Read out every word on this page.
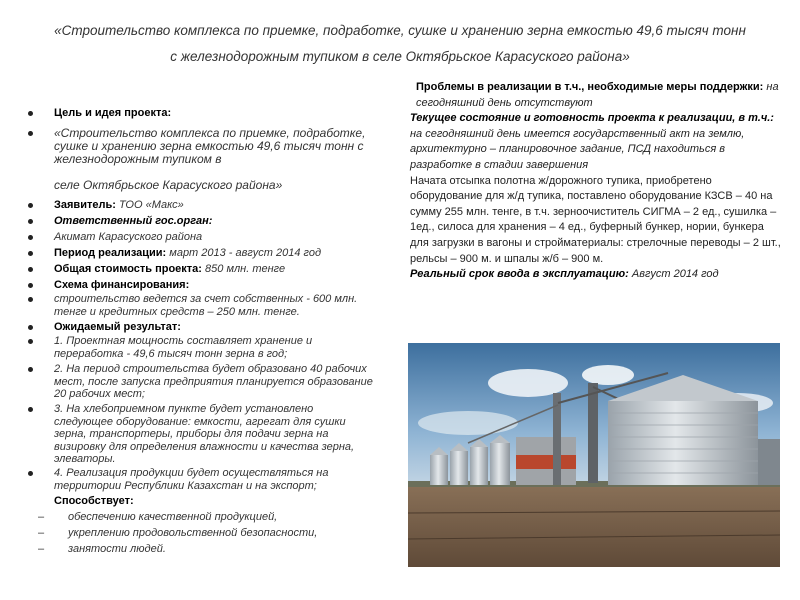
«Строительство комплекса по приемке, подработке, сушке и хранению зерна емкостью 49,6 тысяч тонн
с железнодорожным тупиком в селе Октябрьское Карасуского района»
Цель и идея проекта:
«Строительство комплекса по приемке, подработке, сушке и хранению зерна емкостью 49,6 тысяч тонн с железнодорожным тупиком в
селе Октябрьское Карасуского района»
Заявитель: ТОО «Макс»
Ответственный гос.орган:
Акимат Карасуского района
Период реализации: март 2013 - август 2014 год
Общая стоимость проекта: 850 млн. тенге
Схема финансирования:
строительство ведется за счет собственных - 600 млн. тенге и кредитных средств – 250 млн. тенге.
Ожидаемый результат:
1. Проектная мощность составляет хранение и переработка - 49,6 тысяч тонн зерна в год;
2. На период строительства будет образовано 40 рабочих мест, после запуска предприятия планируется образование 20 рабочих мест;
3. На хлебоприемном пункте будет установлено следующее оборудование: емкости, агрегат для сушки зерна, транспортеры, приборы для подачи зерна на визировку для определения влажности и качества зерна, элеваторы.
4. Реализация продукции будет осуществляться на территории Республики Казахстан и на экспорт;
Способствует:
– обеспечению качественной продукцией,
– укреплению продовольственной безопасности,
– занятости людей.
Проблемы в реализации в т.ч., необходимые меры поддержки: на сегодняшний день отсутствуют
Текущее состояние и готовность проекта к реализации, в т.ч.: на сегодняшний день имеется государственный акт на землю, архитектурно – планировочное задание, ПСД находиться в разработке в стадии завершения
Начата отсыпка полотна ж/дорожного тупика, приобретено оборудование для ж/д тупика, поставлено оборудование КЗСВ – 40 на сумму 255 млн. тенге, в т.ч. зерноочиститель СИГМА – 2 ед., сушилка – 1ед., силоса для хранения – 4 ед., буферный бункер, нории, бункера для загрузки в вагоны и стройматериалы: стрелочные переводы – 2 шт., рельсы – 900 м. и шпалы ж/б – 900 м.
Реальный срок ввода в эксплуатацию: Август 2014 год
